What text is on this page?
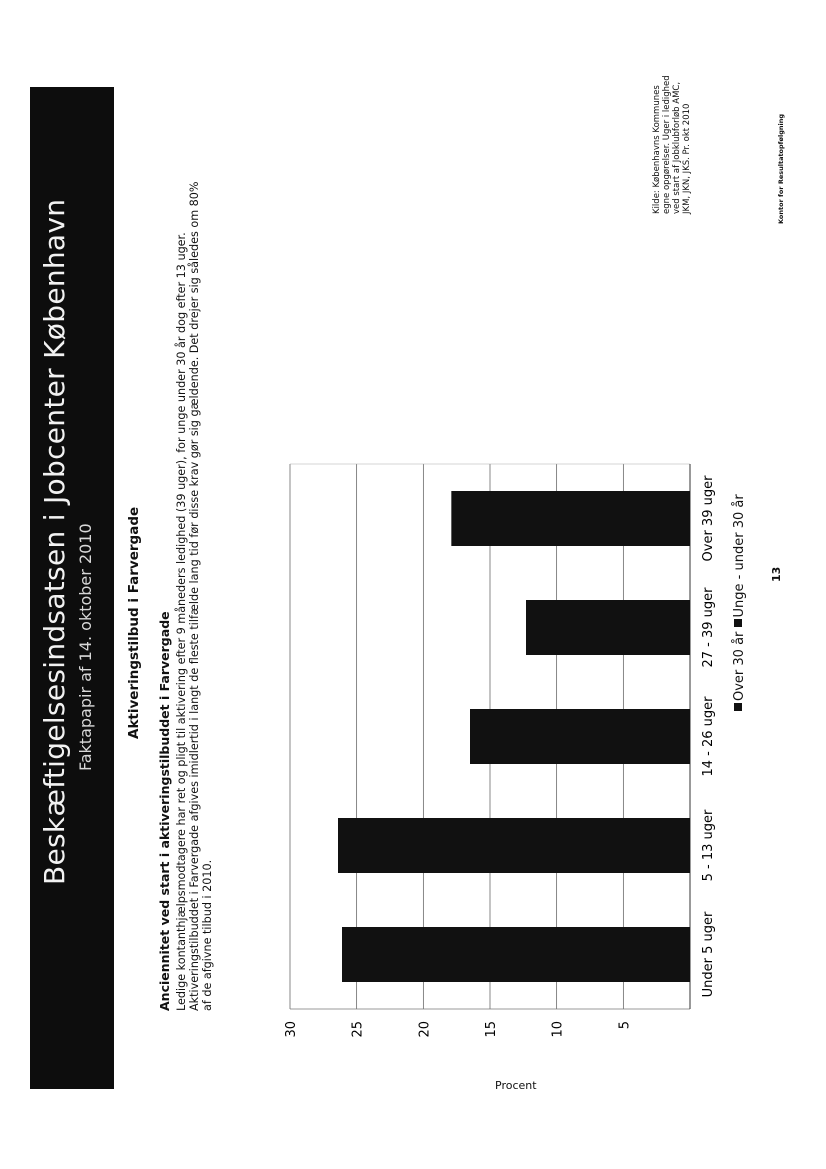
Beskæftigelsesindsatsen i Jobcenter København Faktapapir af 14. oktober 2010 Aktiveringstilbud i Farvergade Anciennitet ved start i aktiveringstilbuddet i Farvergade Ledige kontanthjælpsmodtagere har ret og pligt til aktivering efter 9 måneders ledighed (39 uger), for unge under 30 år dog efter 13 uger. Aktiveringstilbuddet i Farvergade afgives imidlertid i langt de fleste tilfælde lang tid før disse krav gør sig gældende. Det drejer sig således om 80% af de afgivne tilbud i 2010.
Procent
5
10
15
20
25
30
Under 5 uger
5 - 13 uger
14 - 26 uger
27 - 39 uger
Over 39 uger
Over 30 år Unge - under 30 år
Kilde: Københavns Kommunes egne opgørelser. Uger i ledighed ved start af Jobklubforløb AMC, JKM, JKN, JKS. Pr. okt 2010
13
Kontor for Resultatopfølgning
